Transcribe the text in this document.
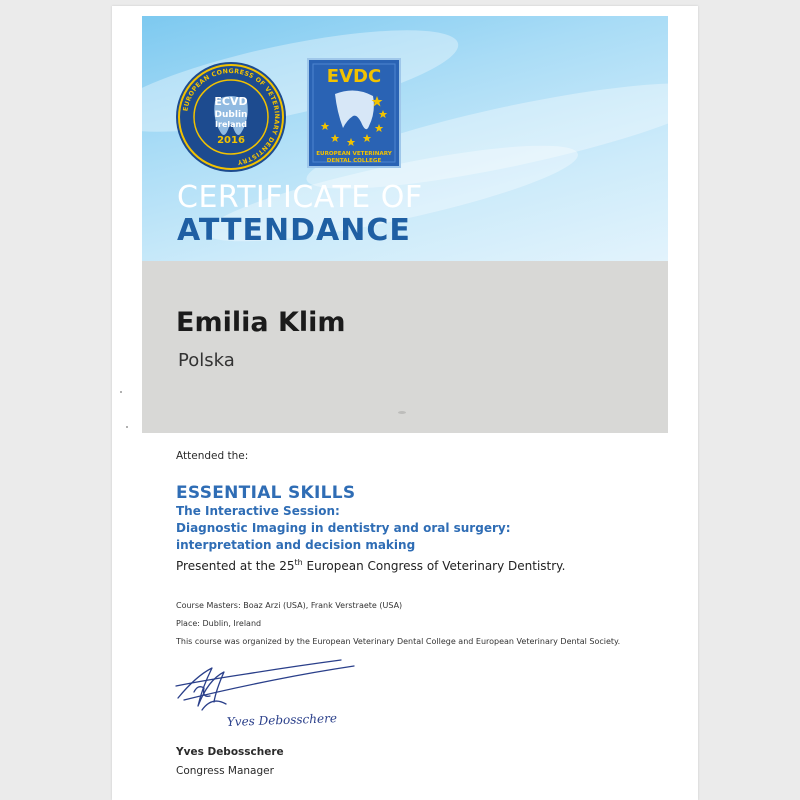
EUROPEAN CONGRESS OF VETERINARY DENTISTRY
ECVD
Dublin
Ireland
2016
EVDC
EUROPEAN VETERINARY
DENTAL COLLEGE
CERTIFICATE OF
ATTENDANCE
Emilia Klim
Polska
Attended the:
ESSENTIAL SKILLS
The Interactive Session:
Diagnostic Imaging in dentistry and oral surgery:
interpretation and decision making
Presented at the 25th European Congress of Veterinary Dentistry.
Course Masters: Boaz Arzi (USA), Frank Verstraete (USA)
Place: Dublin, Ireland
This course was organized by the European Veterinary Dental College and European Veterinary Dental Society.
Yves Debosschere
Yves Debosschere
Congress Manager
